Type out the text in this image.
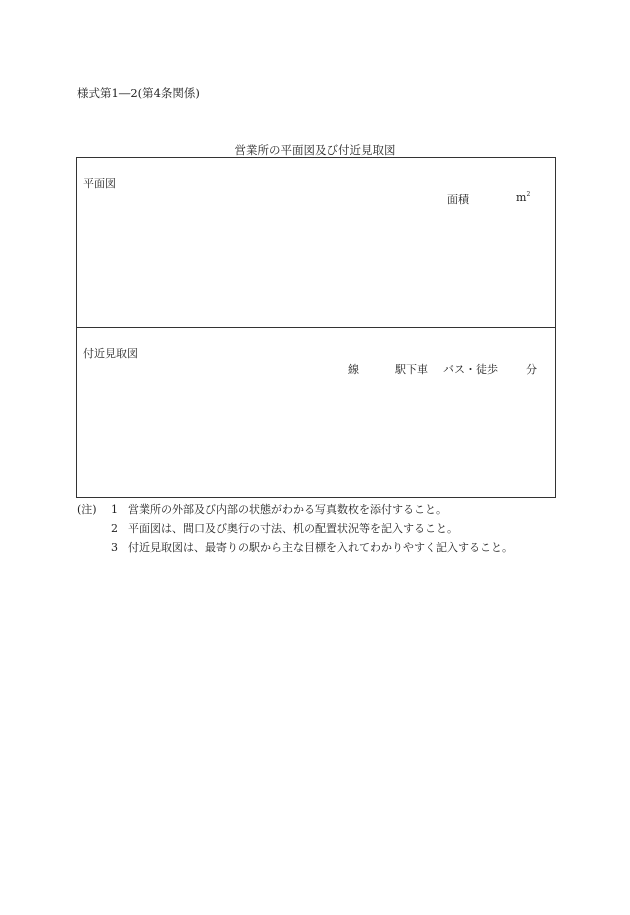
様式第1―2(第4条関係)
営業所の平面図及び付近見取図
平面図
面積	$m^2$
付近見取図
線	駅下車 バス・徒歩	分
(注) 1 営業所の外部及び内部の状態がわかる写真数枚を添付すること。
2 平面図は、間口及び奥行の寸法、机の配置状況等を記入すること。
3 付近見取図は、最寄りの駅から主な目標を入れてわかりやすく記入すること。
